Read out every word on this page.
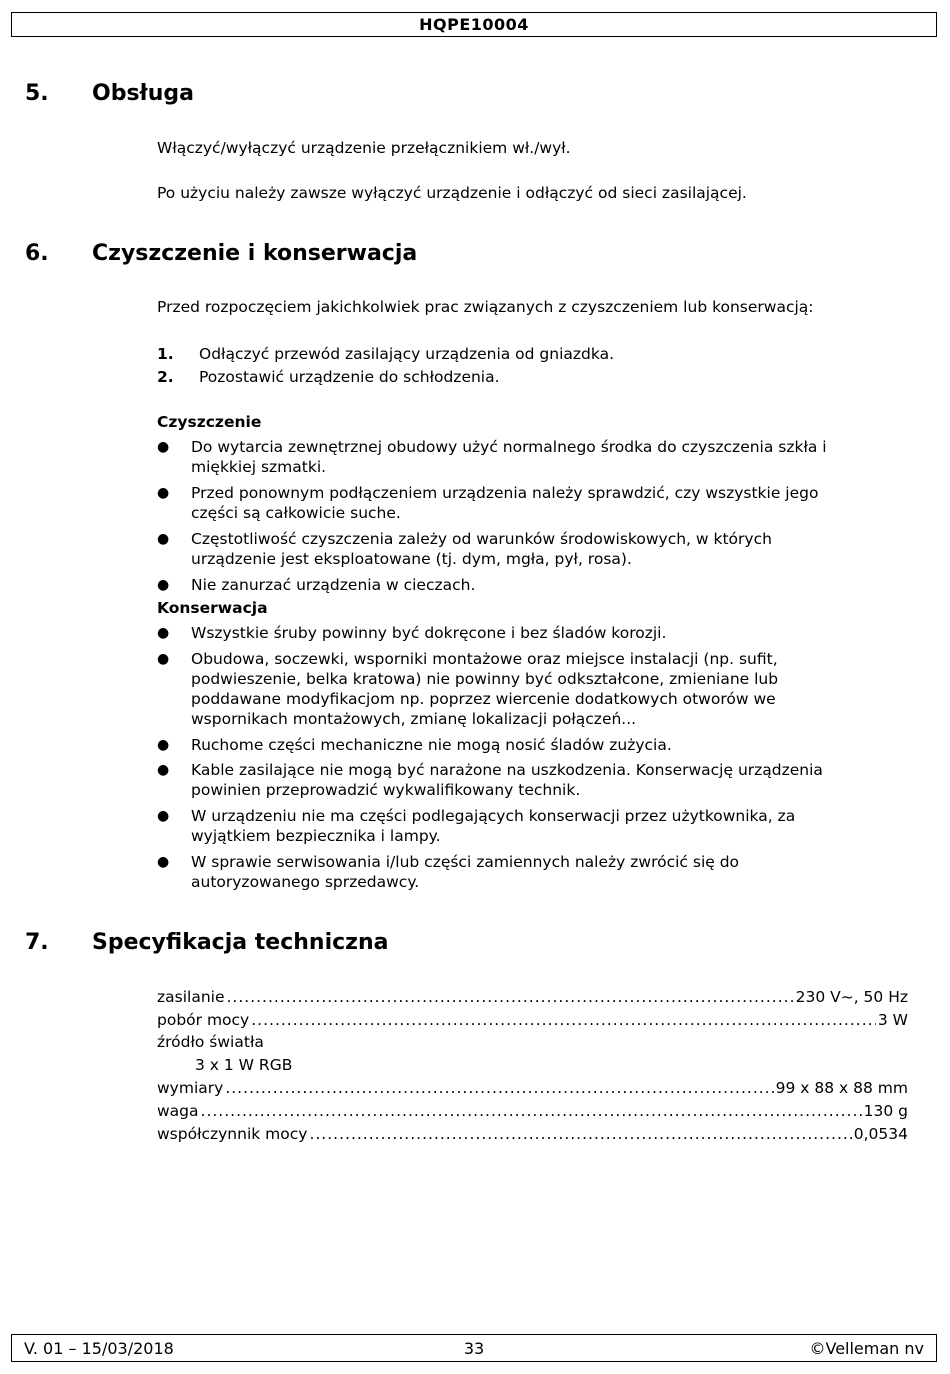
HQPE10004
5. Obsługa
Włączyć/wyłączyć urządzenie przełącznikiem wł./wył.
Po użyciu należy zawsze wyłączyć urządzenie i odłączyć od sieci zasilającej.
6. Czyszczenie i konserwacja
Przed rozpoczęciem jakichkolwiek prac związanych z czyszczeniem lub konserwacją:
1. Odłączyć przewód zasilający urządzenia od gniazdka.
2. Pozostawić urządzenie do schłodzenia.
Czyszczenie
● Do wytarcia zewnętrznej obudowy użyć normalnego środka do czyszczenia szkła i
miękkiej szmatki.
● Przed ponownym podłączeniem urządzenia należy sprawdzić, czy wszystkie jego
części są całkowicie suche.
● Częstotliwość czyszczenia zależy od warunków środowiskowych, w których
urządzenie jest eksploatowane (tj. dym, mgła, pył, rosa).
● Nie zanurzać urządzenia w cieczach.
Konserwacja
● Wszystkie śruby powinny być dokręcone i bez śladów korozji.
● Obudowa, soczewki, wsporniki montażowe oraz miejsce instalacji (np. sufit,
podwieszenie, belka kratowa) nie powinny być odkształcone, zmieniane lub
poddawane modyfikacjom np. poprzez wiercenie dodatkowych otworów we
wspornikach montażowych, zmianę lokalizacji połączeń...
● Ruchome części mechaniczne nie mogą nosić śladów zużycia.
● Kable zasilające nie mogą być narażone na uszkodzenia. Konserwację urządzenia
powinien przeprowadzić wykwalifikowany technik.
● W urządzeniu nie ma części podlegających konserwacji przez użytkownika, za
wyjątkiem bezpiecznika i lampy.
● W sprawie serwisowania i/lub części zamiennych należy zwrócić się do
autoryzowanego sprzedawcy.
7. Specyfikacja techniczna
zasilanie .....	230 V~, 50 Hz
pobór mocy .....	3 W
źródło światła
3 x 1 W RGB
wymiary .....	99 x 88 x 88 mm
waga .....	130 g
współczynnik mocy .....	0,0534
V. 01 – 15/03/2018	33	©Velleman nv
